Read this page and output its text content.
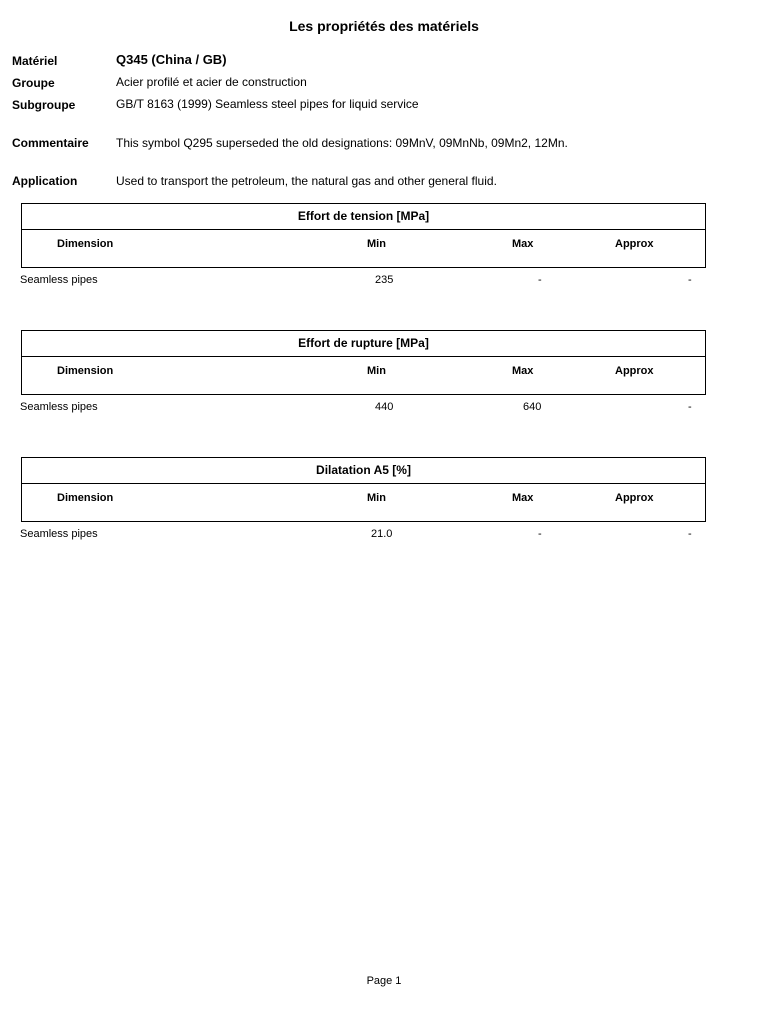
Les propriétés des matériels
Matériel	Q345 (China / GB)
Groupe	Acier profilé et acier de construction
Subgroupe	GB/T 8163 (1999) Seamless steel pipes for liquid service
Commentaire This symbol Q295 superseded the old designations: 09MnV, 09MnNb, 09Mn2, 12Mn.
Application	Used to transport the petroleum, the natural gas and other general fluid.
Effort de tension [MPa]
Dimension	Min	Max	Approx
Seamless pipes	235	-	-
Effort de rupture [MPa]
Dimension	Min	Max	Approx
Seamless pipes	440	640	-
Dilatation A5 [%]
Dimension	Min	Max	Approx
Seamless pipes	21.0	-	-
Page 1
